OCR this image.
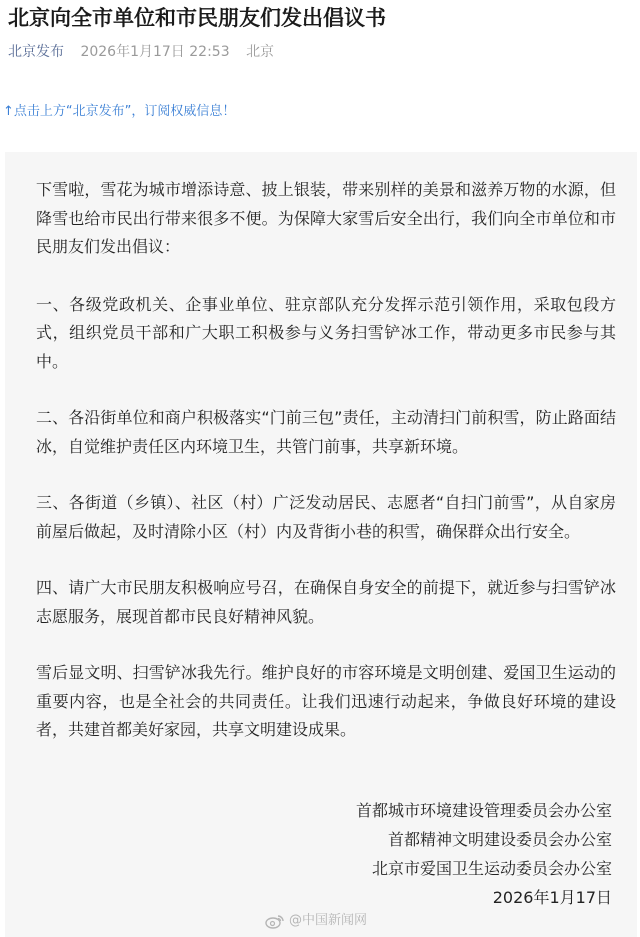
北京向全市单位和市民朋友们发出倡议书
北京发布 2026年1月17日 22:53 北京
↑点击上方“北京发布”，订阅权威信息！

下雪啦，雪花为城市增添诗意、披上银装，带来别样的美景和滋养万物的水源，但降雪也给市民出行带来很多不便。为保障大家雪后安全出行，我们向全市单位和市民朋友们发出倡议：

一、各级党政机关、企事业单位、驻京部队充分发挥示范引领作用，采取包段方式，组织党员干部和广大职工积极参与义务扫雪铲冰工作，带动更多市民参与其中。

二、各沿街单位和商户积极落实“门前三包”责任，主动清扫门前积雪，防止路面结冰，自觉维护责任区内环境卫生，共管门前事，共享新环境。

三、各街道（乡镇）、社区（村）广泛发动居民、志愿者“自扫门前雪”，从自家房前屋后做起，及时清除小区（村）内及背街小巷的积雪，确保群众出行安全。

四、请广大市民朋友积极响应号召，在确保自身安全的前提下，就近参与扫雪铲冰志愿服务，展现首都市民良好精神风貌。

雪后显文明、扫雪铲冰我先行。维护良好的市容环境是文明创建、爱国卫生运动的重要内容，也是全社会的共同责任。让我们迅速行动起来，争做良好环境的建设者，共建首都美好家园，共享文明建设成果。

首都城市环境建设管理委员会办公室
首都精神文明建设委员会办公室
北京市爱国卫生运动委员会办公室
2026年1月17日
@中国新闻网
